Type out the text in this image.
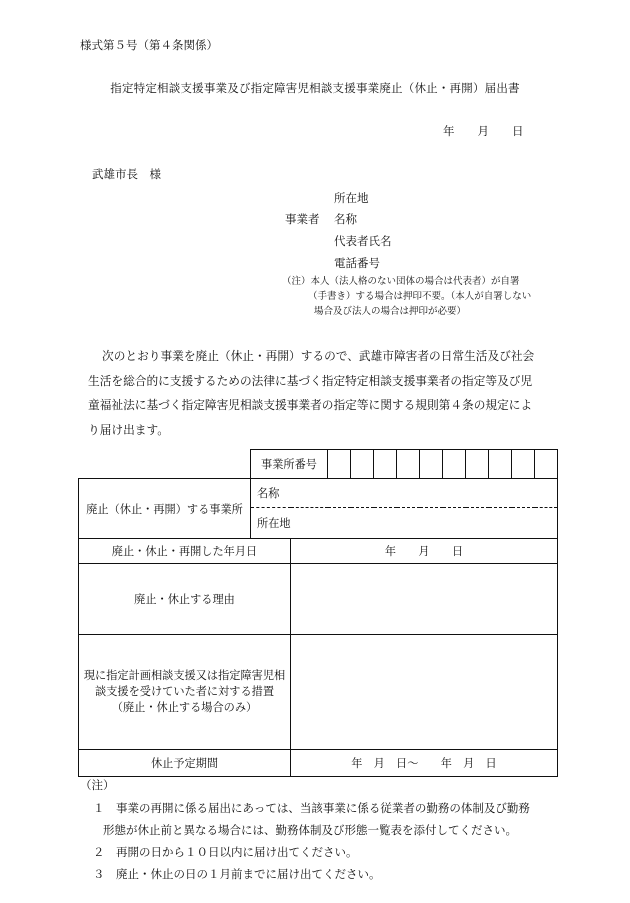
様式第５号（第４条関係）
指定特定相談支援事業及び指定障害児相談支援事業廃止（休止・再開）届出書
年　　月　　日
武雄市長　様
事業者
所在地
名称
代表者氏名
電話番号
（注）本人（法人格のない団体の場合は代表者）が自署
（手書き）する場合は押印不要。（本人が自署しない
場合及び法人の場合は押印が必要）
次のとおり事業を廃止（休止・再開）するので、武雄市障害者の日常生活及び社会
生活を総合的に支援するための法律に基づく指定特定相談支援事業者の指定等及び児
童福祉法に基づく指定障害児相談支援事業者の指定等に関する規則第４条の規定によ
り届け出ます。
	事業所番号											
廃止（休止・再開）する事業所	名称											
	所在地											
廃止・休止・再開した年月日		年　　月　　日										
廃止・休止する理由												
現に指定計画相談支援又は指定障害児相
談支援を受けていた者に対する措置
（廃止・休止する場合のみ）												
休止予定期間		年　月　日～　　年　月　日										
（注）
１　事業の再開に係る届出にあっては、当該事業に係る従業者の勤務の体制及び勤務
形態が休止前と異なる場合には、勤務体制及び形態一覧表を添付してください。
２　再開の日から１０日以内に届け出てください。
３　廃止・休止の日の１月前までに届け出てください。
